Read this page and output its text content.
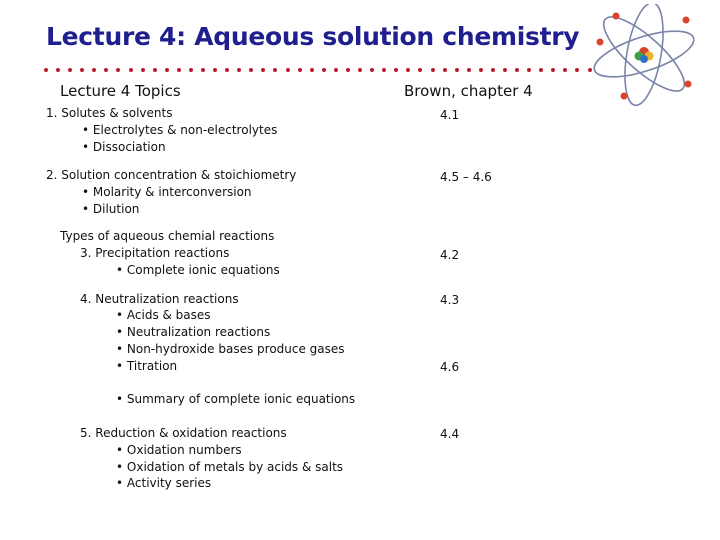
Lecture 4: Aqueous solution chemistry
Lecture 4 Topics	Brown, chapter 4
1. Solutes & solvents	4.1
• Electrolytes & non-electrolytes
• Dissociation
2. Solution concentration & stoichiometry	4.5 – 4.6
• Molarity & interconversion
• Dilution
Types of aqueous chemial reactions
3. Precipitation reactions	4.2
• Complete ionic equations
4. Neutralization reactions	4.3
• Acids & bases
• Neutralization reactions
• Non-hydroxide bases produce gases
• Titration	4.6
• Summary of complete ionic equations
5. Reduction & oxidation reactions	4.4
• Oxidation numbers
• Oxidation of metals by acids & salts
• Activity series
